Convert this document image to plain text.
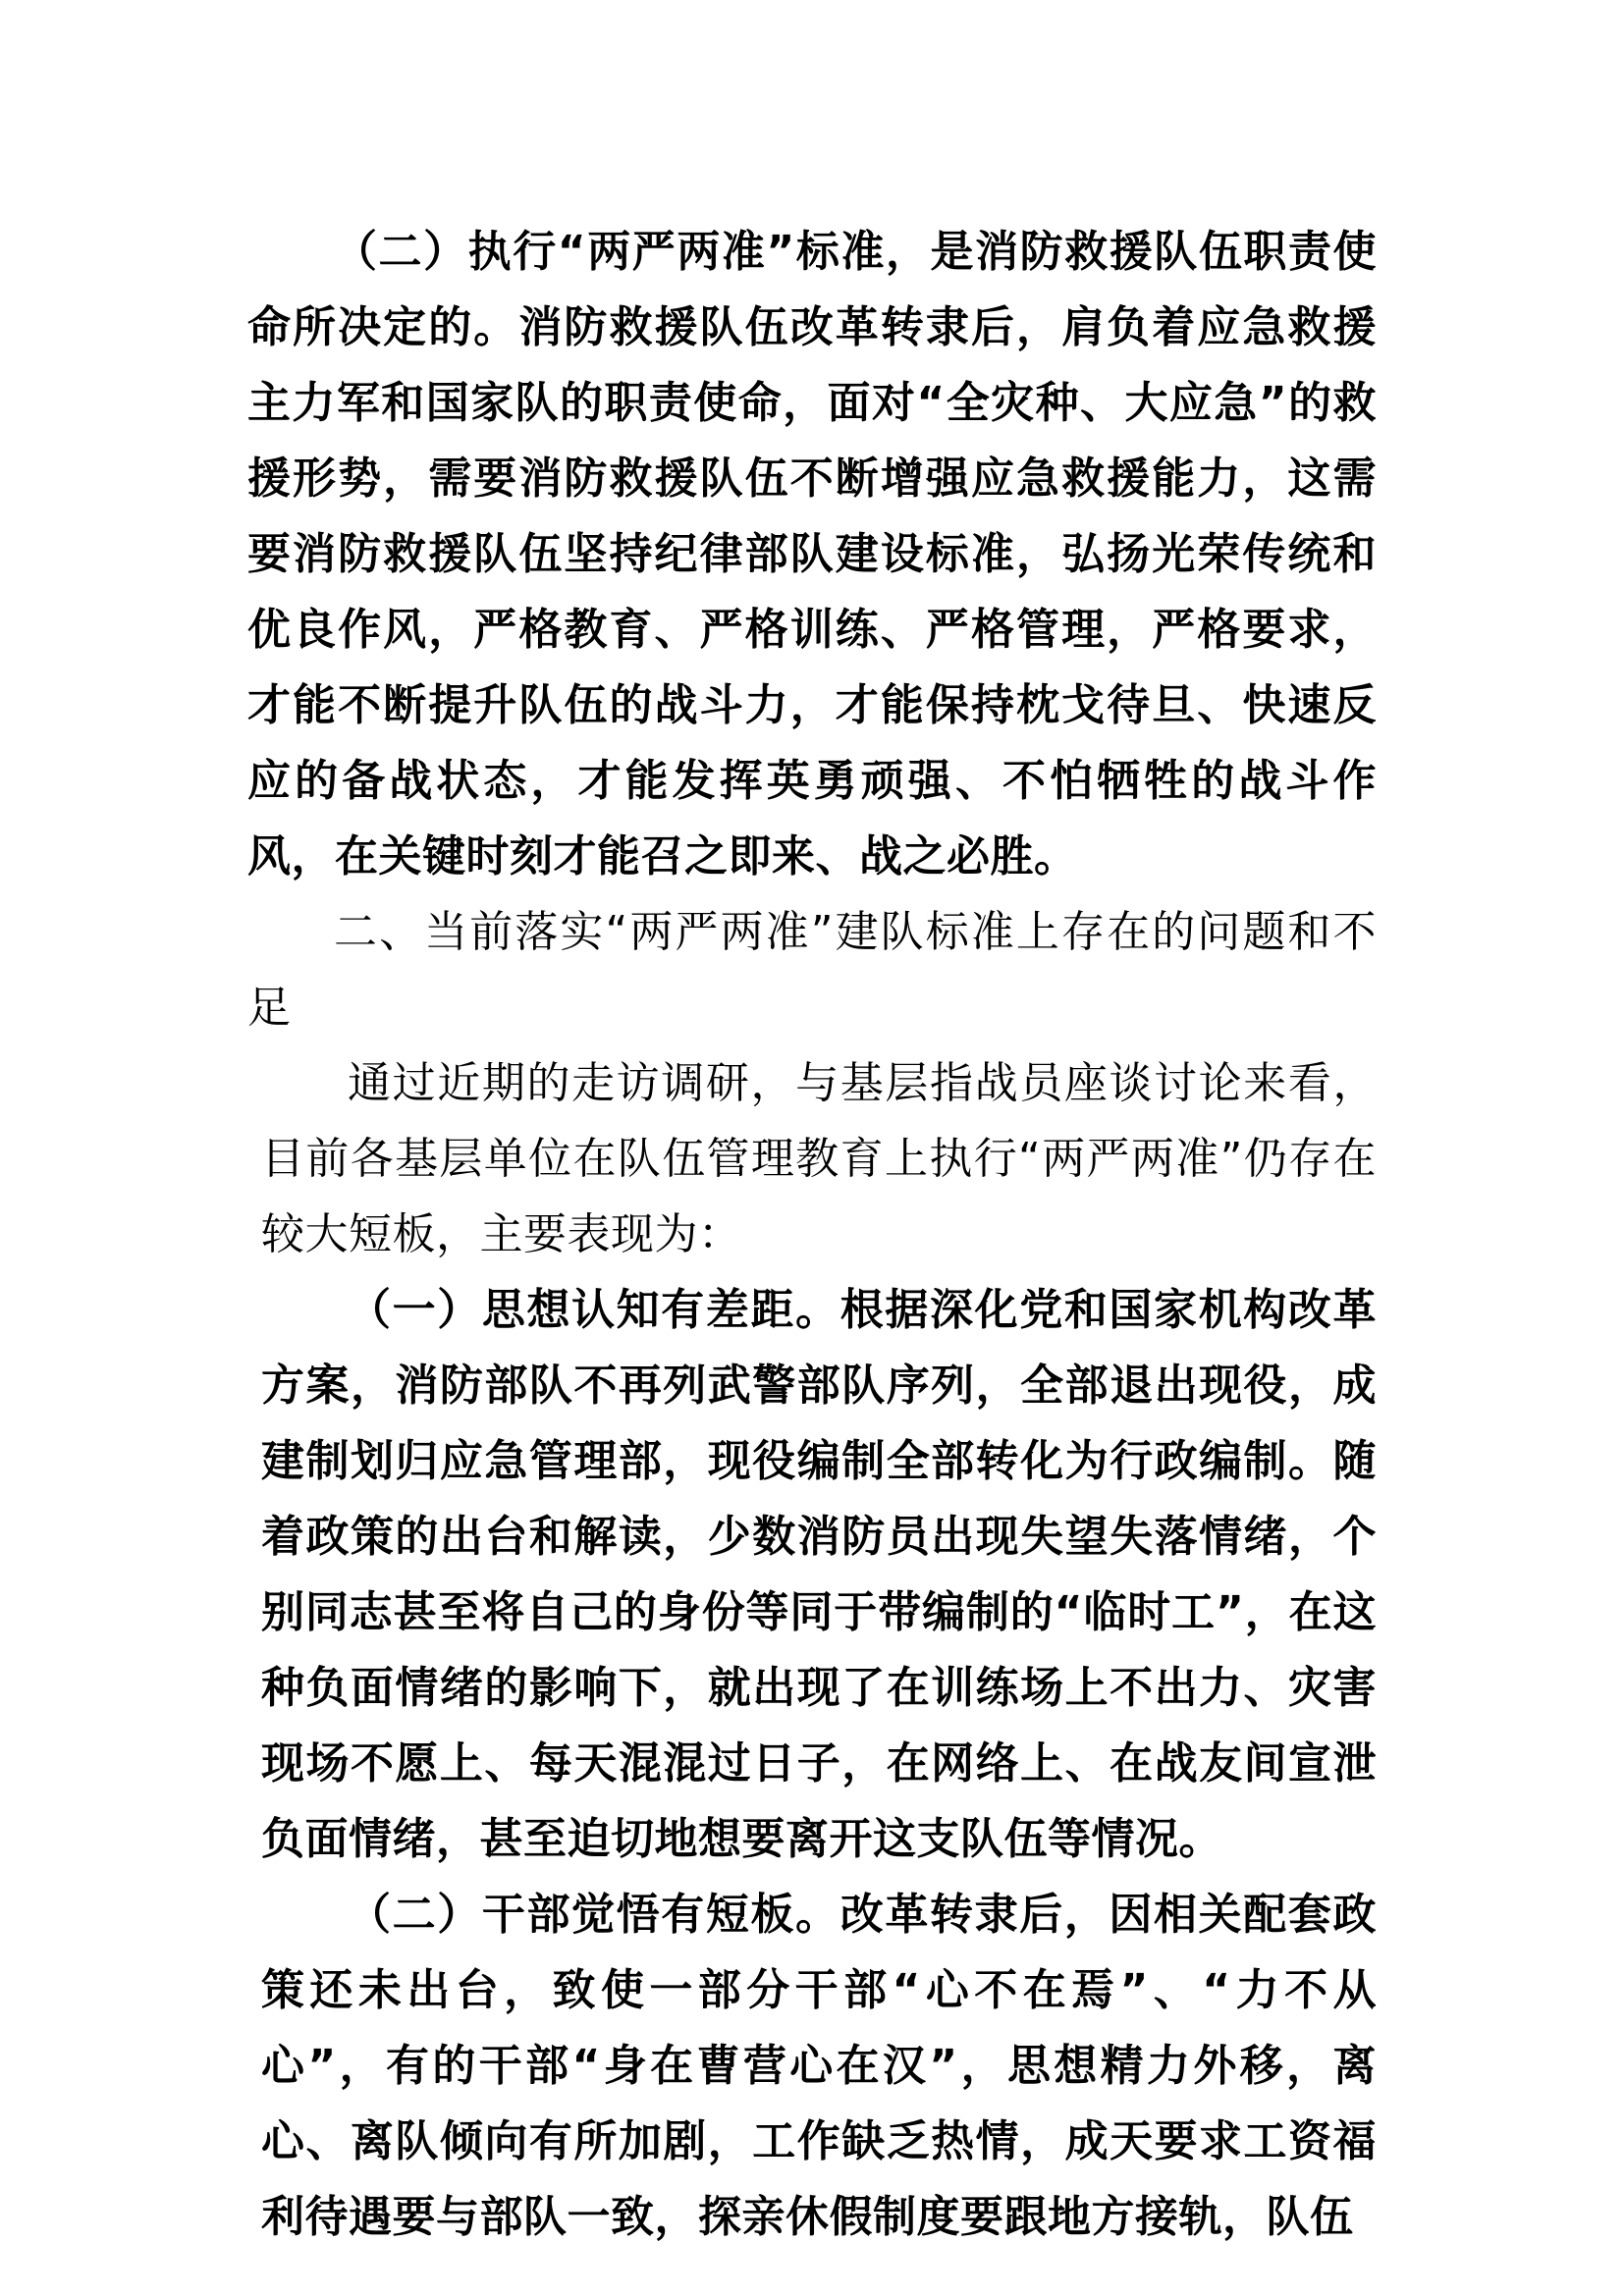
（二）执行“两严两准”标准，是消防救援队伍职责使命所决定的。消防救援队伍改革转隶后，肩负着应急救援主力军和国家队的职责使命，面对“全灾种、大应急”的救援形势，需要消防救援队伍不断增强应急救援能力，这需要消防救援队伍坚持纪律部队建设标准，弘扬光荣传统和优良作风，严格教育、严格训练、严格管理，严格要求，才能不断提升队伍的战斗力，才能保持枕戈待旦、快速反应的备战状态，才能发挥英勇顽强、不怕牺牲的战斗作风，在关键时刻才能召之即来、战之必胜。

二、当前落实“两严两准”建队标准上存在的问题和不足

通过近期的走访调研，与基层指战员座谈讨论来看，目前各基层单位在队伍管理教育上执行“两严两准”仍存在较大短板，主要表现为：

（一）思想认知有差距。根据深化党和国家机构改革方案，消防部队不再列武警部队序列，全部退出现役，成建制划归应急管理部，现役编制全部转化为行政编制。随着政策的出台和解读，少数消防员出现失望失落情绪，个别同志甚至将自己的身份等同于带编制的“临时工”，在这种负面情绪的影响下，就出现了在训练场上不出力、灾害现场不愿上、每天混混过日子，在网络上、在战友间宣泄负面情绪，甚至迫切地想要离开这支队伍等情况。

（二）干部觉悟有短板。改革转隶后，因相关配套政策还未出台，致使一部分干部“心不在焉”、“力不从心”，有的干部“身在曹营心在汉”，思想精力外移，离心、离队倾向有所加剧，工作缺乏热情，成天要求工资福利待遇要与部队一致，探亲休假制度要跟地方接轨，队伍
